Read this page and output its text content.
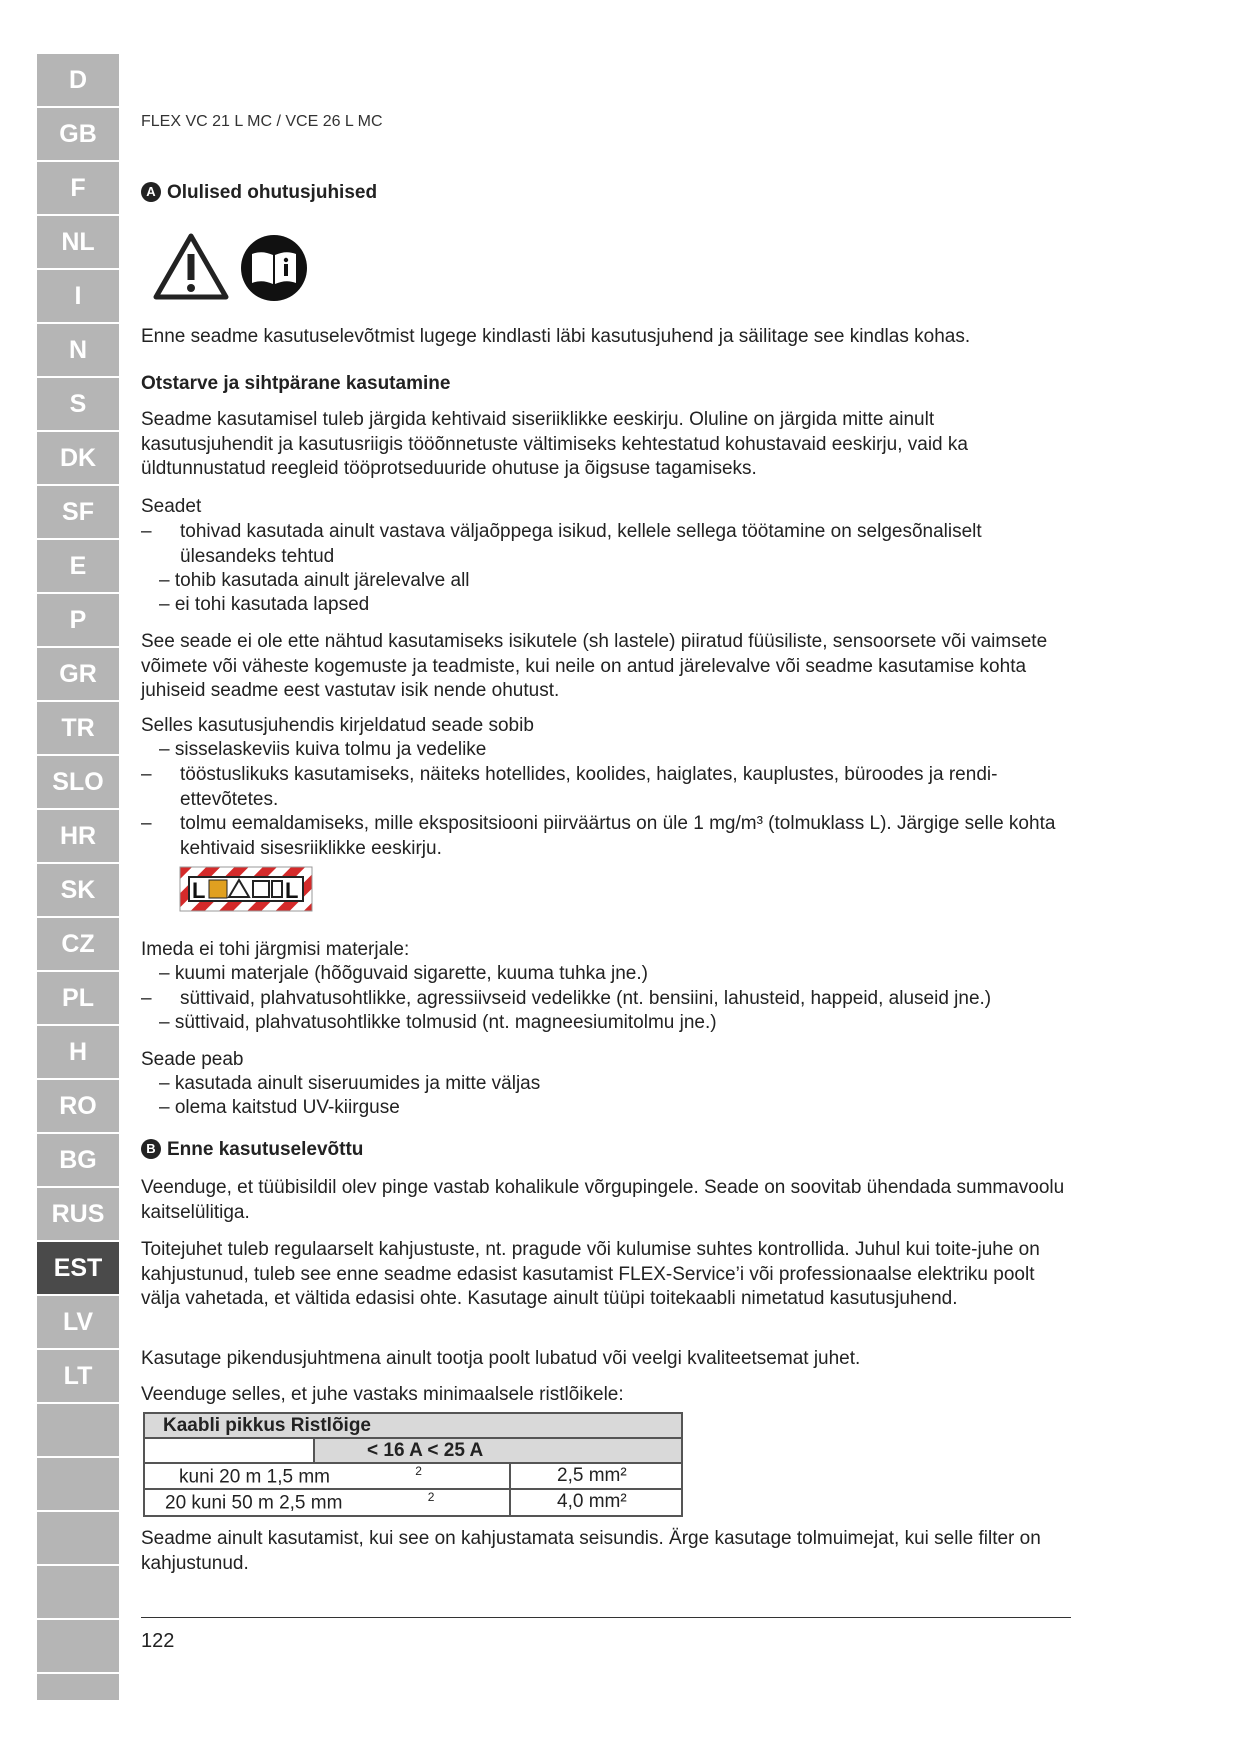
D
GB
F
NL
I
N
S
DK
SF
E
P
GR
TR
SLO
HR
SK
CZ
PL
H
RO
BG
RUS
EST
LV
LT
FLEX VC 21 L MC / VCE 26 L MC
A Olulised ohutusjuhised
Enne seadme kasutuselevõtmist lugege kindlasti läbi kasutusjuhend ja säilitage see kindlas kohas.
Otstarve ja sihtpärane kasutamine
Seadme kasutamisel tuleb järgida kehtivaid siseriiklikke eeskirju. Oluline on järgida mitte ainult kasutusjuhendit ja kasutusriigis tööõnnetuste vältimiseks kehtestatud kohustavaid eeskirju, vaid ka üldtunnustatud reegleid tööprotseduuride ohutuse ja õigsuse tagamiseks.
Seadet
–	tohivad kasutada ainult vastava väljaõppega isikud, kellele sellega töötamine on selgesõnaliselt ülesandeks tehtud
– tohib kasutada ainult järelevalve all
– ei tohi kasutada lapsed
See seade ei ole ette nähtud kasutamiseks isikutele (sh lastele) piiratud füüsiliste, sensoorsete või vaimsete võimete või väheste kogemuste ja teadmiste, kui neile on antud järelevalve või seadme kasutamise kohta juhiseid seadme eest vastutav isik nende ohutust.
Selles kasutusjuhendis kirjeldatud seade sobib
– sisselaskeviis kuiva tolmu ja vedelike
–	tööstuslikuks kasutamiseks, näiteks hotellides, koolides, haiglates, kauplustes, büroodes ja rendi-ettevõtetes.
–	tolmu eemaldamiseks, mille ekspositsiooni piirväärtus on üle 1 mg/m³ (tolmuklass L). Järgige selle kohta kehtivaid sisesriiklikke eeskirju.
L	L
Imeda ei tohi järgmisi materjale:
– kuumi materjale (hõõguvaid sigarette, kuuma tuhka jne.)
–	süttivaid, plahvatusohtlikke, agressiivseid vedelikke (nt. bensiini, lahusteid, happeid, aluseid jne.)
– süttivaid, plahvatusohtlikke tolmusid (nt. magneesiumitolmu jne.)
Seade peab
– kasutada ainult siseruumides ja mitte väljas
– olema kaitstud UV-kiirguse
B Enne kasutuselevõttu
Veenduge, et tüübisildil olev pinge vastab kohalikule võrgupingele. Seade on soovitab ühendada summavoolu kaitselülitiga.
Toitejuhet tuleb regulaarselt kahjustuste, nt. pragude või kulumise suhtes kontrollida. Juhul kui toite-juhe on kahjustunud, tuleb see enne seadme edasist kasutamist FLEX-Service’i või professionaalse elektriku poolt välja vahetada, et vältida edasisi ohte. Kasutage ainult tüüpi toitekaabli nimetatud kasutusjuhend.
Kasutage pikendusjuhtmena ainult tootja poolt lubatud või veelgi kvaliteetsemat juhet.
Veenduge selles, et juhe vastaks minimaalsele ristlõikele:
Seadme ainult kasutamist, kui see on kahjustamata seisundis. Ärge kasutage tolmuimejat, kui selle filter on kahjustunud.
Kaabli pikkus Ristlõige		
	< 16 A < 25 A	
kuni 20 m 1,5 mm $^2$		2,5 mm²
20 kuni 50 m 2,5 mm $^2$		4,0 mm²
122
